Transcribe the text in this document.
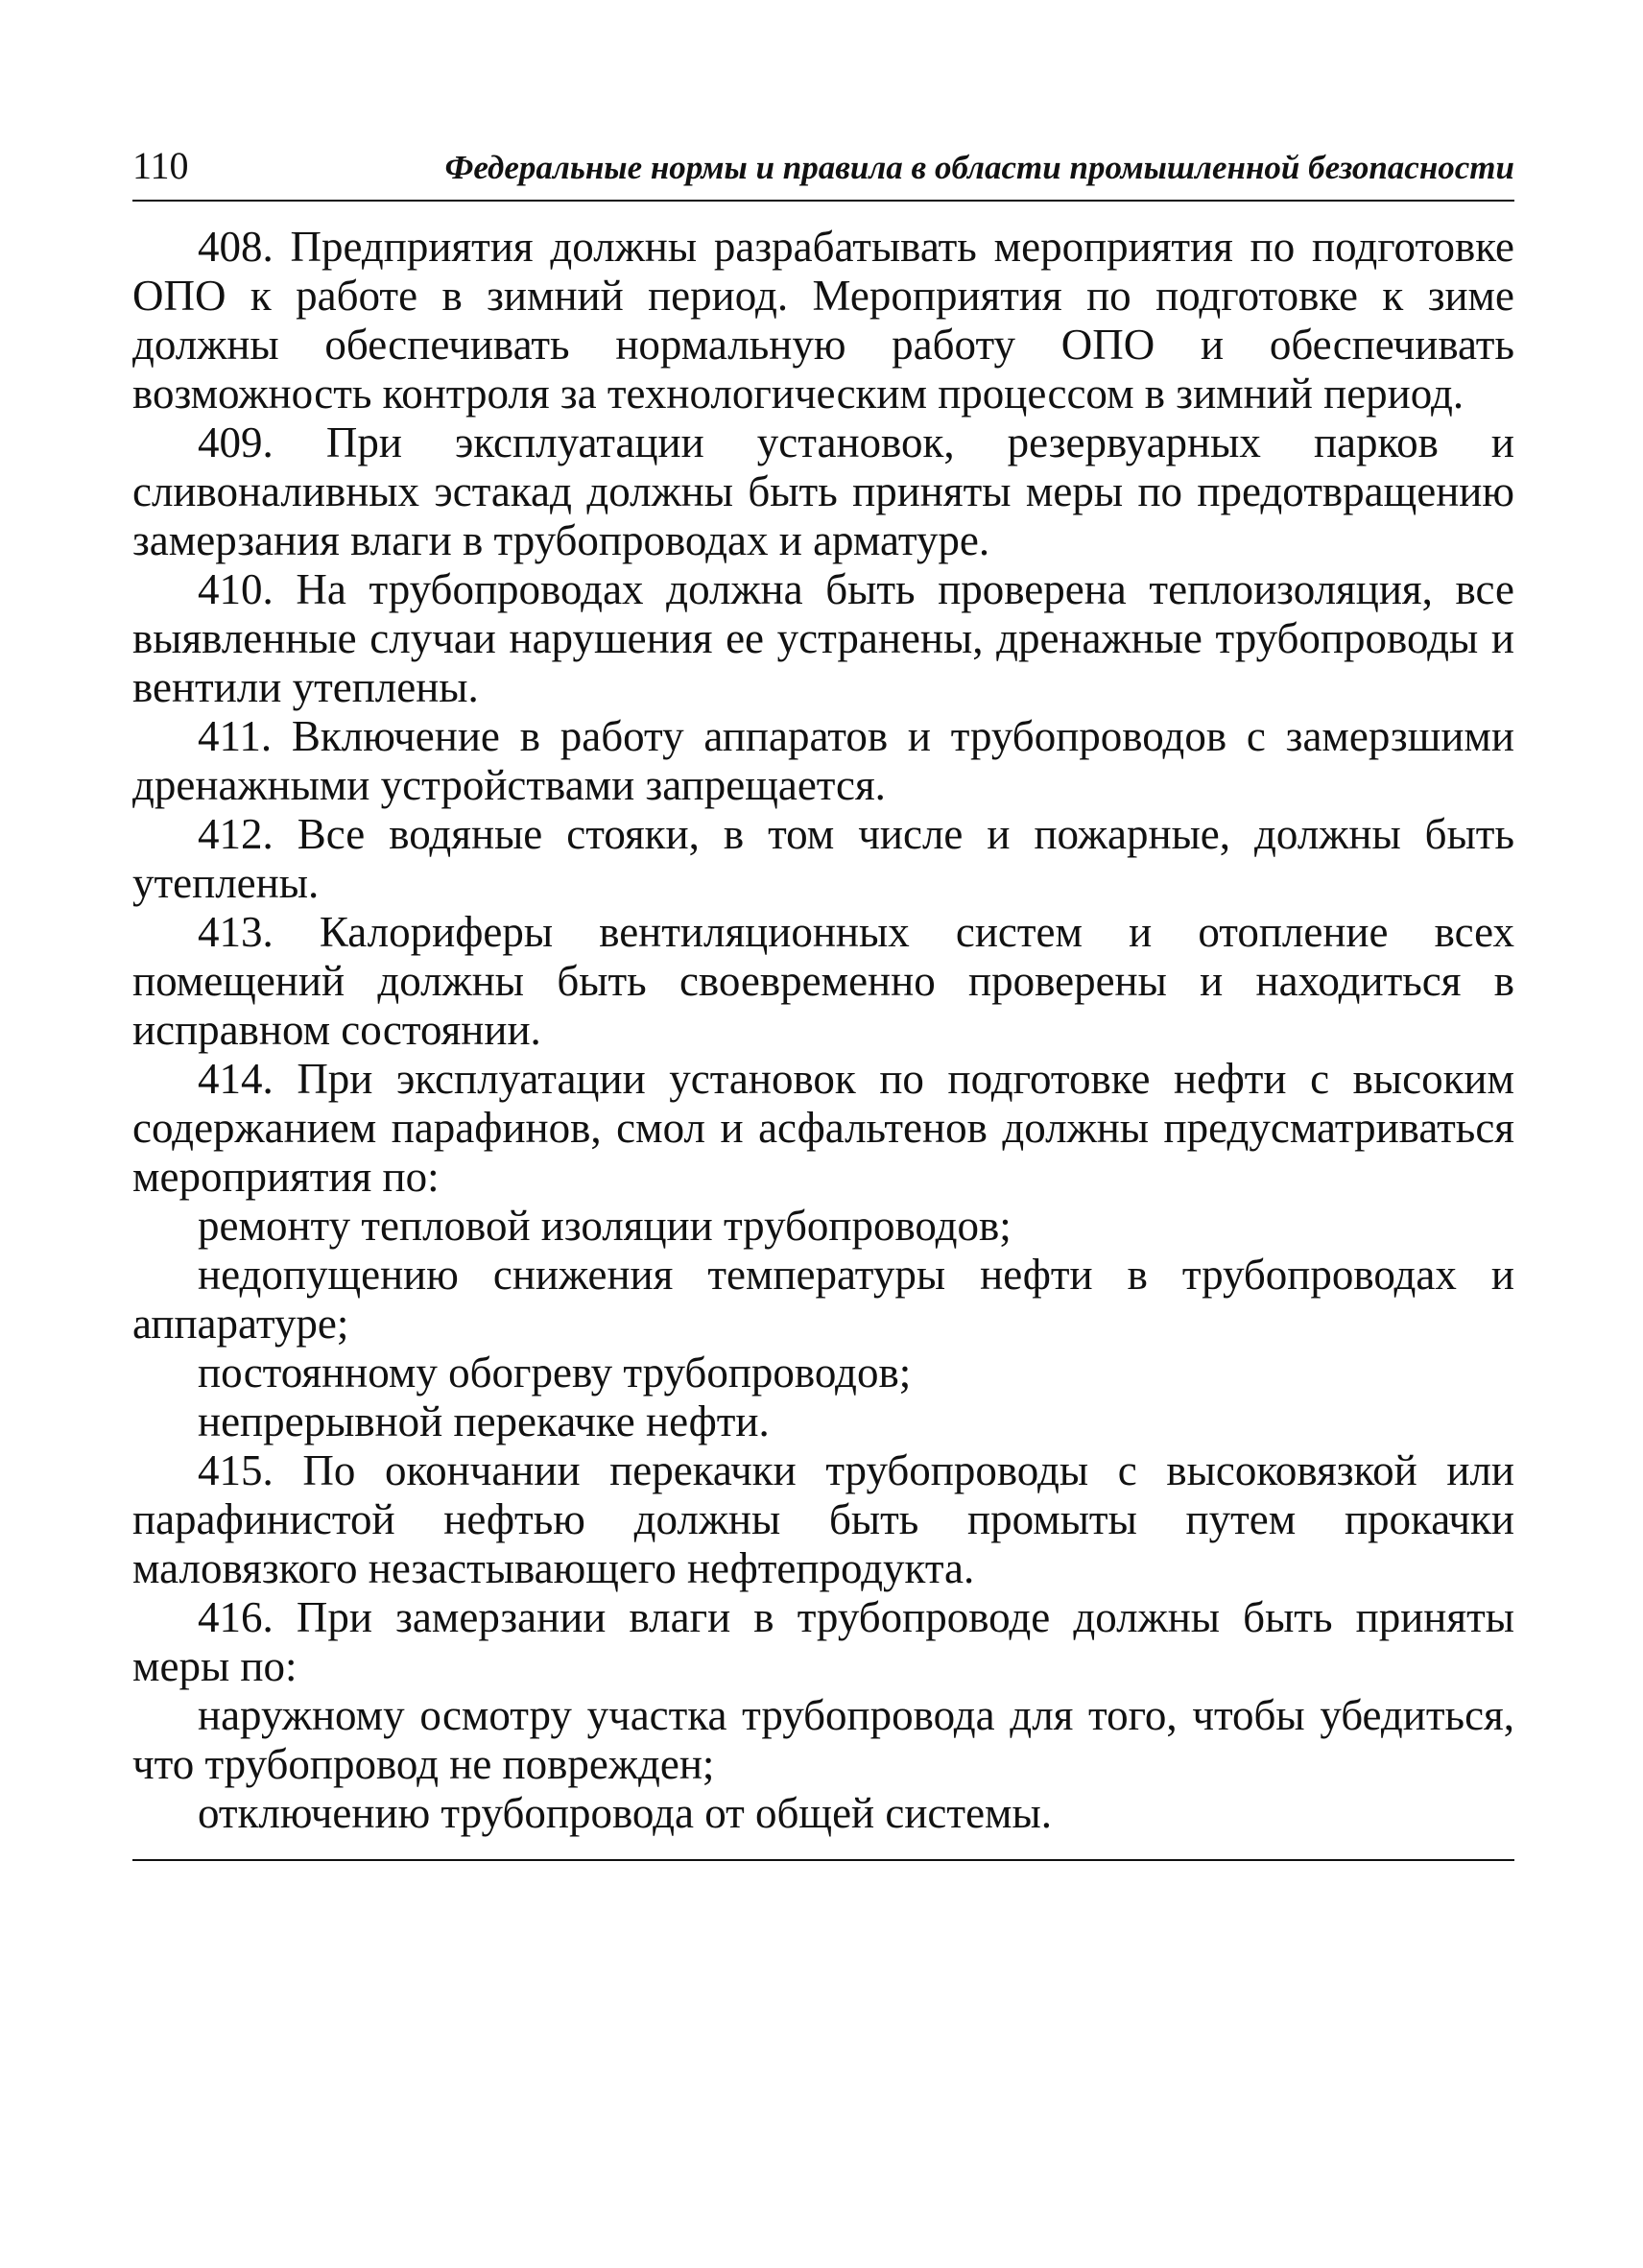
110	Федеральные нормы и правила в области промышленной безопасности

408. Предприятия должны разрабатывать мероприятия по подготовке ОПО к работе в зимний период. Мероприятия по подготовке к зиме должны обеспечивать нормальную работу ОПО и обеспечивать возможность контроля за технологическим процессом в зимний период.

409. При эксплуатации установок, резервуарных парков и сливоналивных эстакад должны быть приняты меры по предотвращению замерзания влаги в трубопроводах и арматуре.

410. На трубопроводах должна быть проверена теплоизоляция, все выявленные случаи нарушения ее устранены, дренажные трубопроводы и вентили утеплены.

411. Включение в работу аппаратов и трубопроводов с замерзшими дренажными устройствами запрещается.

412. Все водяные стояки, в том числе и пожарные, должны быть утеплены.

413. Калориферы вентиляционных систем и отопление всех помещений должны быть своевременно проверены и находиться в исправном состоянии.

414. При эксплуатации установок по подготовке нефти с высоким содержанием парафинов, смол и асфальтенов должны предусматриваться мероприятия по:

ремонту тепловой изоляции трубопроводов;

недопущению снижения температуры нефти в трубопроводах и аппаратуре;

постоянному обогреву трубопроводов;

непрерывной перекачке нефти.

415. По окончании перекачки трубопроводы с высоковязкой или парафинистой нефтью должны быть промыты путем прокачки маловязкого незастывающего нефтепродукта.

416. При замерзании влаги в трубопроводе должны быть приняты меры по:

наружному осмотру участка трубопровода для того, чтобы убедиться, что трубопровод не поврежден;

отключению трубопровода от общей системы.
